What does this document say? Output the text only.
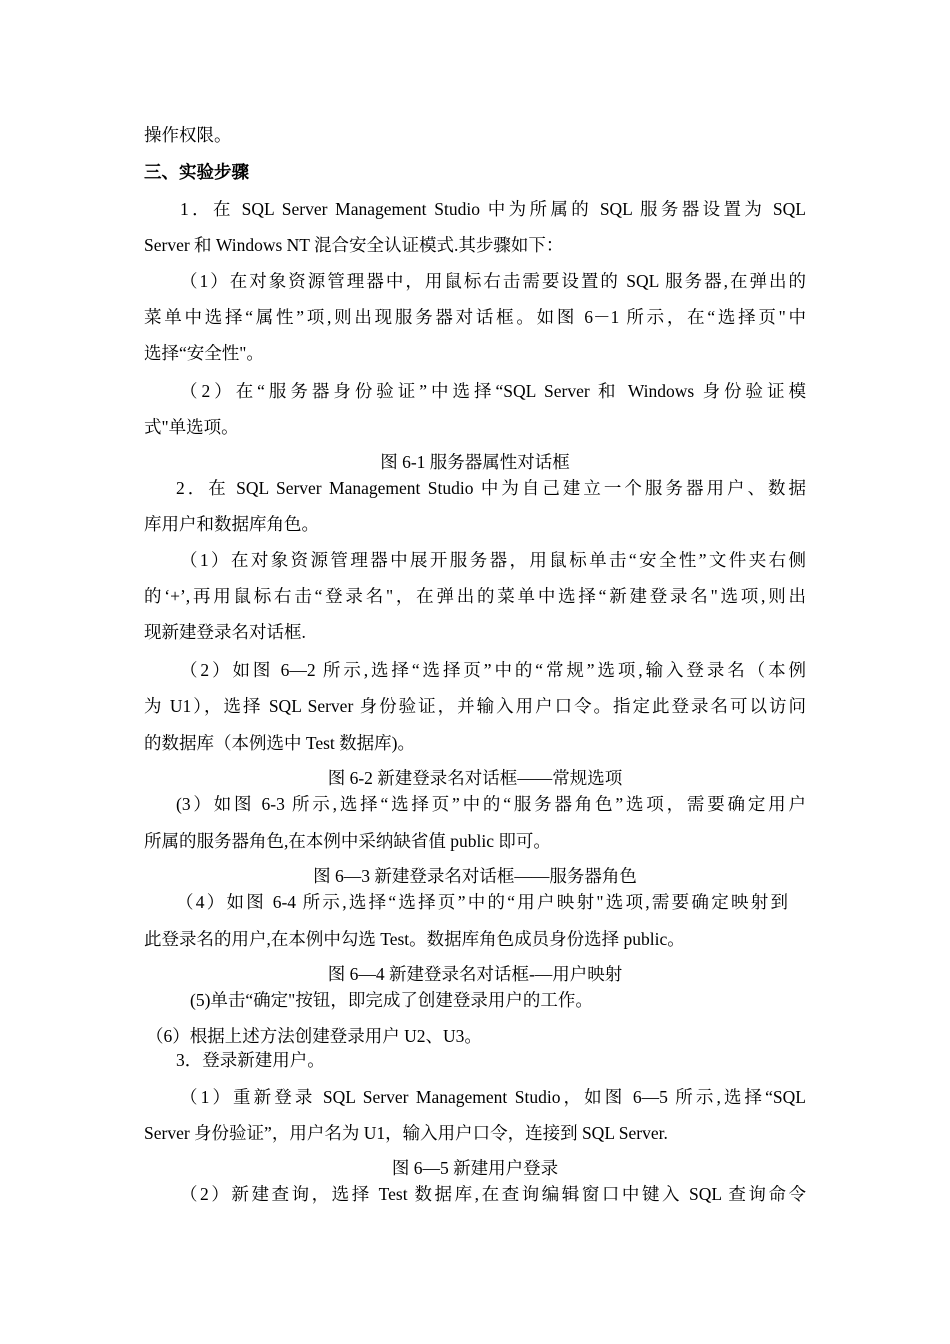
操作权限。
三、实验步骤
1．在 SQL Server Management Studio 中为所属的 SQL 服务器设置为 SQL
Server 和 Windows NT 混合安全认证模式.其步骤如下：
（1）在对象资源管理器中，用鼠标右击需要设置的 SQL 服务器,在弹出的
菜单中选择“属性”项,则出现服务器对话框。如图 6－1 所示，在“选择页"中
选择“安全性"。
（2）在“服务器身份验证”中选择“SQL Server 和 Windows 身份验证模
式"单选项。
图 6-1 服务器属性对话框
2．在 SQL Server Management Studio 中为自己建立一个服务器用户、数据
库用户和数据库角色。
（1）在对象资源管理器中展开服务器，用鼠标单击“安全性”文件夹右侧
的‘+’,再用鼠标右击“登录名"，在弹出的菜单中选择“新建登录名"选项,则出
现新建登录名对话框.
（2）如图 6—2 所示,选择“选择页”中的“常规”选项,输入登录名（本例
为 U1），选择 SQL Server 身份验证，并输入用户口令。指定此登录名可以访问
的数据库（本例选中 Test 数据库)。
图 6-2 新建登录名对话框——常规选项
(3）如图 6-3 所示,选择“选择页”中的“服务器角色”选项，需要确定用户
所属的服务器角色,在本例中采纳缺省值 public 即可。
图 6—3 新建登录名对话框——服务器角色
（4）如图 6-4 所示,选择“选择页”中的“用户映射"选项,需要确定映射到
此登录名的用户,在本例中勾选 Test。数据库角色成员身份选择 public。
图 6—4 新建登录名对话框-—用户映射
(5)单击“确定"按钮，即完成了创建登录用户的工作。
（6）根据上述方法创建登录用户 U2、U3。
3．登录新建用户。
（1）重新登录 SQL Server Management Studio，如图 6—5 所示,选择“SQL
Server 身份验证”，用户名为 U1，输入用户口令，连接到 SQL Server.
图 6—5 新建用户登录
（2）新建查询，选择 Test 数据库,在查询编辑窗口中键入 SQL 查询命令
